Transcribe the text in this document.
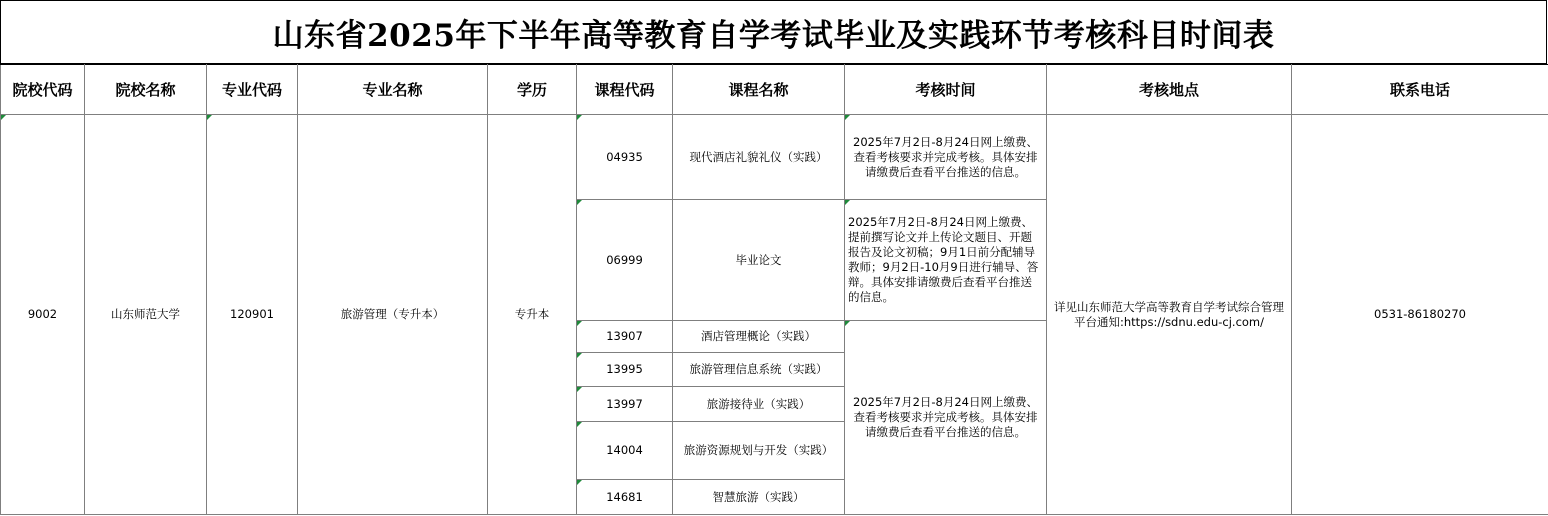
山东省2025年下半年高等教育自学考试毕业及实践环节考核科目时间表
院校代码	院校名称	专业代码	专业名称	学历	课程代码	课程名称	考核时间	考核地点	联系电话
9002	山东师范大学	120901	旅游管理（专升本）	专升本	04935	现代酒店礼貌礼仪（实践）	2025年7月2日-8月24日网上缴费、查看考核要求并完成考核。具体安排请缴费后查看平台推送的信息。	详见山东师范大学高等教育自学考试综合管理平台通知:https://sdnu.edu-cj.com/	0531-86180270
					06999	毕业论文	2025年7月2日-8月24日网上缴费、提前撰写论文并上传论文题目、开题报告及论文初稿；9月1日前分配辅导教师；9月2日-10月9日进行辅导、答辩。具体安排请缴费后查看平台推送的信息。		
					13907	酒店管理概论（实践）	2025年7月2日-8月24日网上缴费、查看考核要求并完成考核。具体安排请缴费后查看平台推送的信息。		
					13995	旅游管理信息系统（实践）			
					13997	旅游接待业（实践）			
					14004	旅游资源规划与开发（实践）			
					14681	智慧旅游（实践）			
